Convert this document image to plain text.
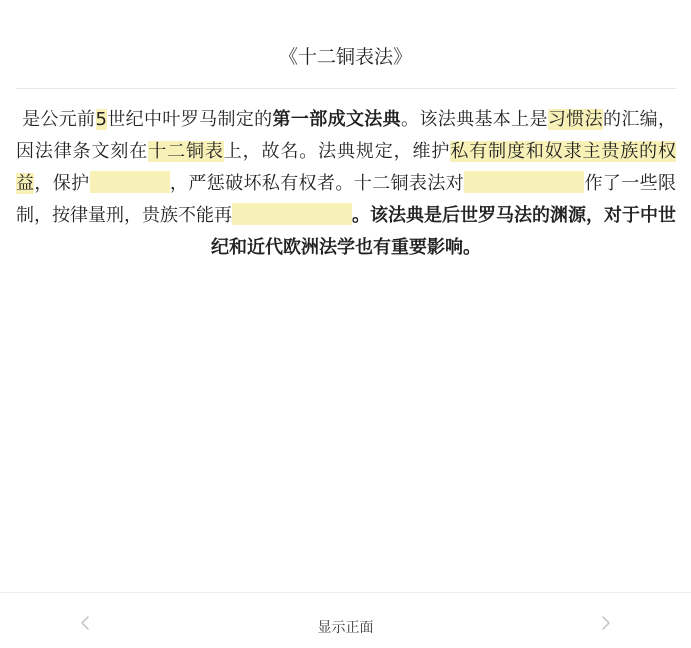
《十二铜表法》
是公元前5世纪中叶罗马制定的第一部成文法典。该法典基本上是习惯法的汇编，因法律条文刻在十二铜表上，故名。法典规定，维护私有制度和奴隶主贵族的权益，保护	，严惩破坏私有权者。十二铜表法对	作了一些限制，按律量刑，贵族不能再	。该法典是后世罗马法的渊源，对于中世纪和近代欧洲法学也有重要影响。
显示正面
